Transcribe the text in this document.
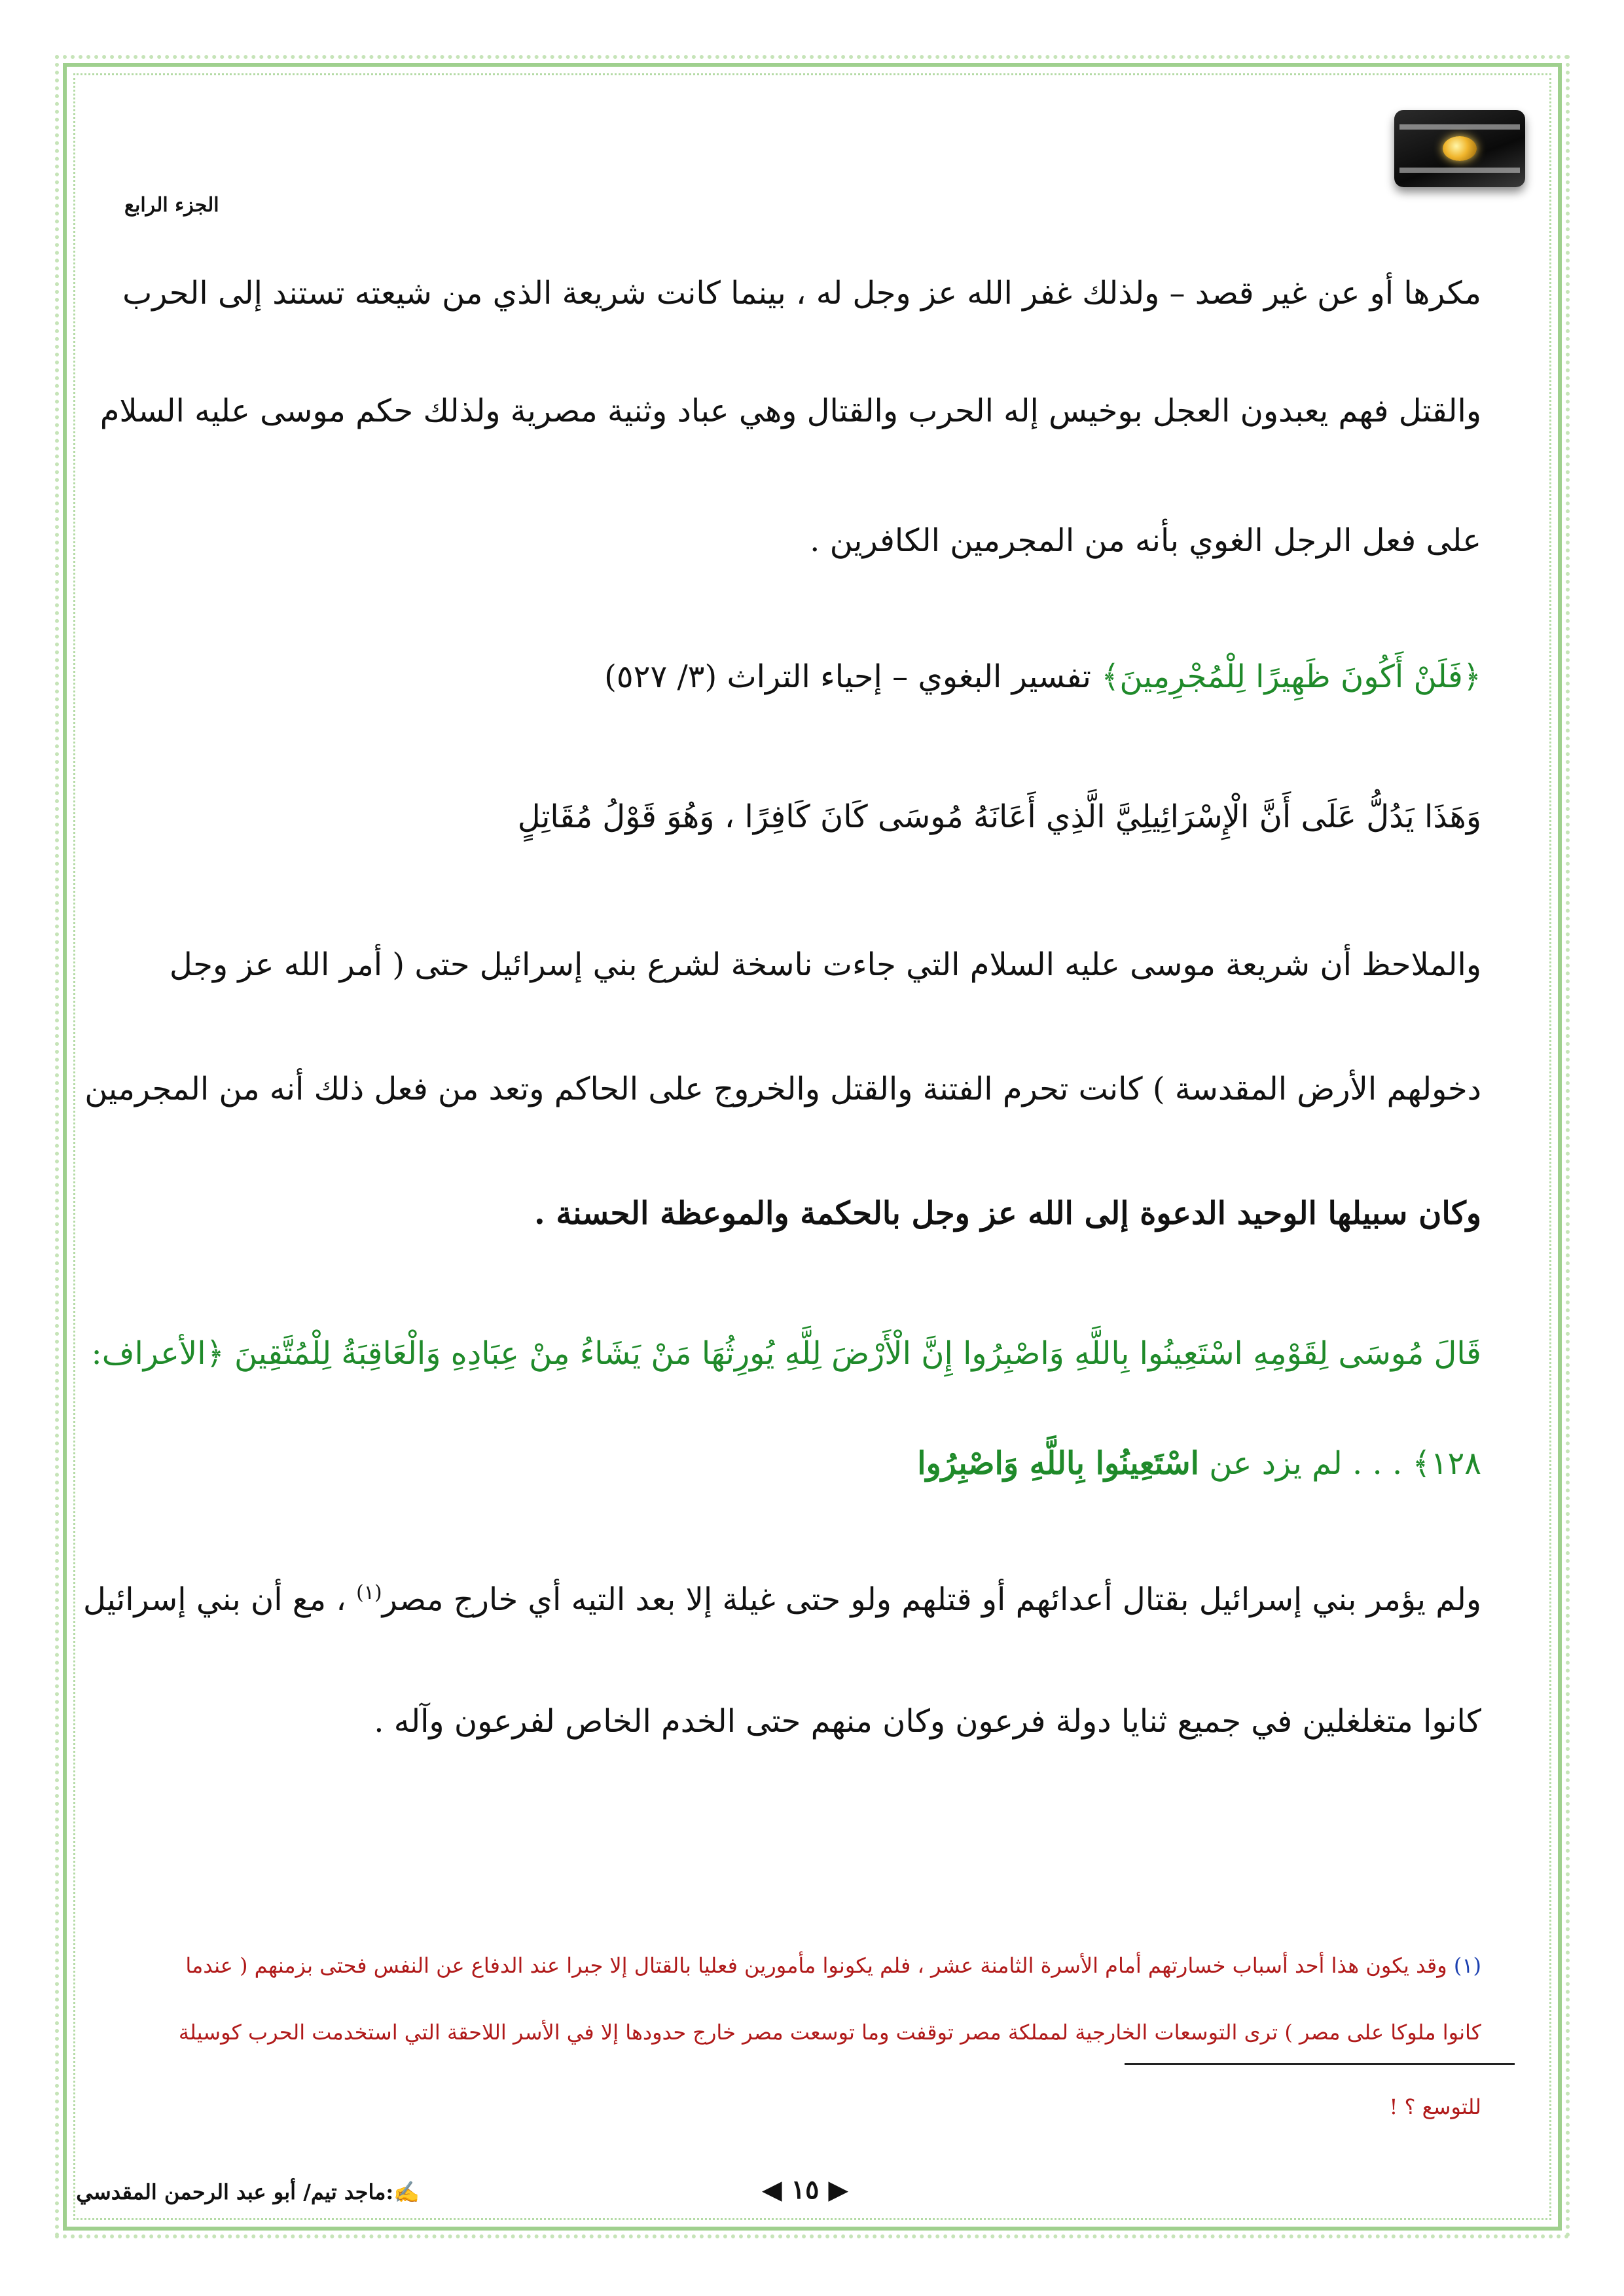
الجزء الرابع
مكرها أو عن غير قصد – ولذلك غفر الله عز وجل له ، بينما كانت شريعة الذي من شيعته تستند إلى الحرب
والقتل فهم يعبدون العجل بوخيس إله الحرب والقتال وهي عباد وثنية مصرية ولذلك حكم موسى عليه السلام
على فعل الرجل الغوي بأنه من المجرمين الكافرين .
﴿فَلَنْ أَكُونَ ظَهِيرًا لِلْمُجْرِمِينَ﴾ تفسير البغوي – إحياء التراث (٣/ ٥٢٧)
وَهَذَا يَدُلُّ عَلَى أَنَّ الْإِسْرَائِيلِيَّ الَّذِي أَعَانَهُ مُوسَى كَانَ كَافِرًا ، وَهُوَ قَوْلُ مُقَاتِلٍ
والملاحظ أن شريعة موسى عليه السلام التي جاءت ناسخة لشرع بني إسرائيل حتى ( أمر الله عز وجل
دخولهم الأرض المقدسة ) كانت تحرم الفتنة والقتل والخروج على الحاكم وتعد من فعل ذلك أنه من المجرمين
وكان سبيلها الوحيد الدعوة إلى الله عز وجل بالحكمة والموعظة الحسنة .
قَالَ مُوسَى لِقَوْمِهِ اسْتَعِينُوا بِاللَّهِ وَاصْبِرُوا إِنَّ الْأَرْضَ لِلَّهِ يُورِثُهَا مَنْ يَشَاءُ مِنْ عِبَادِهِ وَالْعَاقِبَةُ لِلْمُتَّقِينَ ﴿الأعراف:
١٢٨﴾ . . . لم يزد عن اسْتَعِينُوا بِاللَّهِ وَاصْبِرُوا
ولم يؤمر بني إسرائيل بقتال أعدائهم أو قتلهم ولو حتى غيلة إلا بعد التيه أي خارج مصر$^{(١)}$ ، مع أن بني إسرائيل
كانوا متغلغلين في جميع ثنايا دولة فرعون وكان منهم حتى الخدم الخاص لفرعون وآله .
(١) وقد يكون هذا أحد أسباب خسارتهم أمام الأسرة الثامنة عشر ، فلم يكونوا مأمورين فعليا بالقتال إلا جبرا عند الدفاع عن النفس فحتى بزمنهم ( عندما
كانوا ملوكا على مصر ) ترى التوسعات الخارجية لمملكة مصر توقفت وما توسعت مصر خارج حدودها إلا في الأسر اللاحقة التي استخدمت الحرب كوسيلة
للتوسع ؟ !
◀ ١٥ ▶
✍:ماجد تيم/ أبو عبد الرحمن المقدسي
